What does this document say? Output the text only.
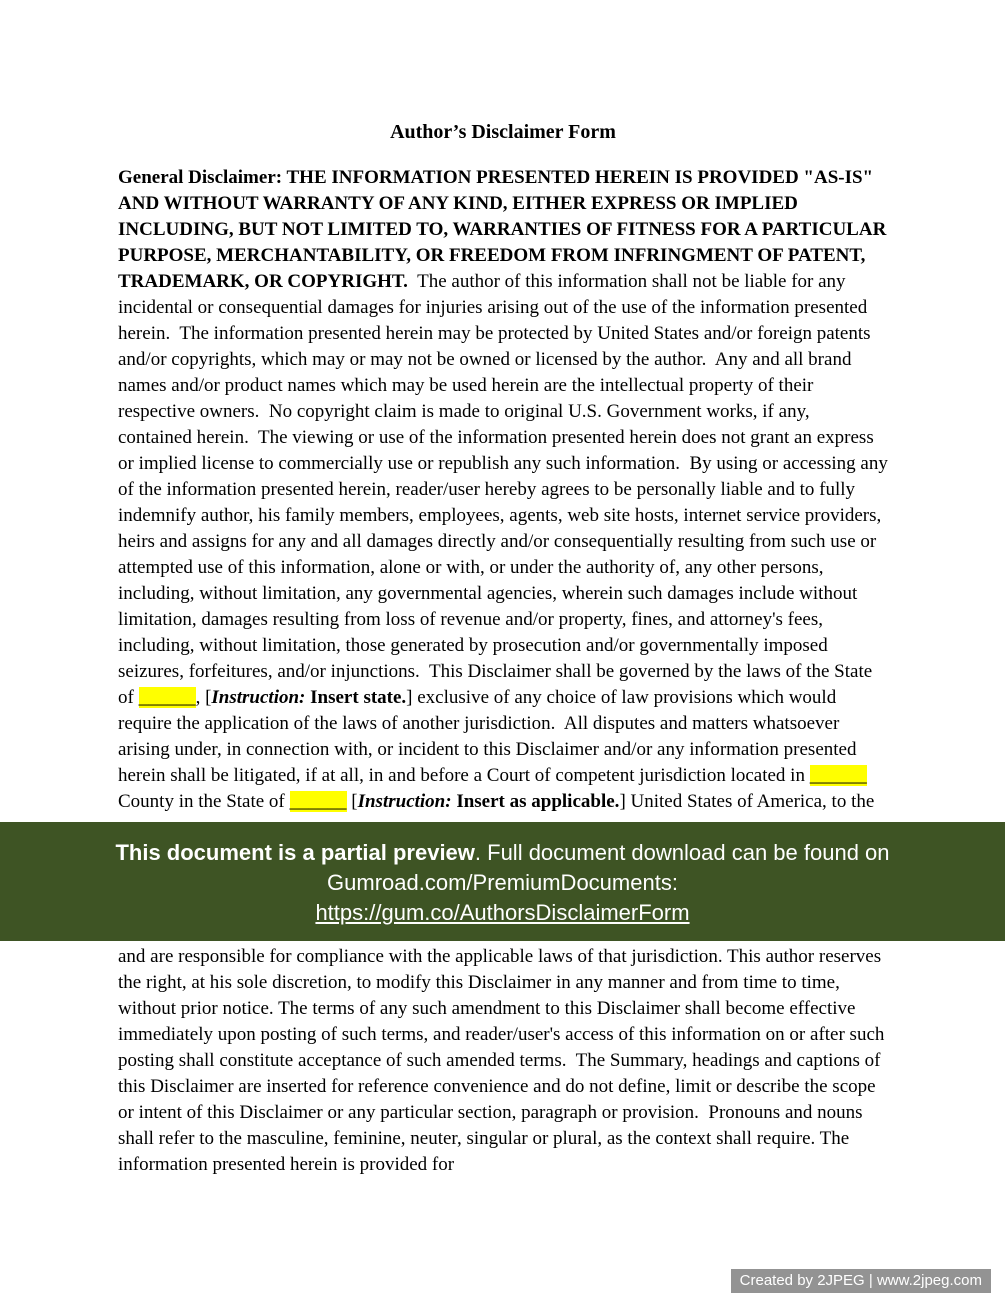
Author’s Disclaimer Form
General Disclaimer: THE INFORMATION PRESENTED HEREIN IS PROVIDED "AS-IS" AND WITHOUT WARRANTY OF ANY KIND, EITHER EXPRESS OR IMPLIED INCLUDING, BUT NOT LIMITED TO, WARRANTIES OF FITNESS FOR A PARTICULAR PURPOSE, MERCHANTABILITY, OR FREEDOM FROM INFRINGMENT OF PATENT, TRADEMARK, OR COPYRIGHT.  The author of this information shall not be liable for any incidental or consequential damages for injuries arising out of the use of the information presented herein.  The information presented herein may be protected by United States and/or foreign patents and/or copyrights, which may or may not be owned or licensed by the author.  Any and all brand names and/or product names which may be used herein are the intellectual property of their respective owners.  No copyright claim is made to original U.S. Government works, if any, contained herein.  The viewing or use of the information presented herein does not grant an express or implied license to commercially use or republish any such information.  By using or accessing any of the information presented herein, reader/user hereby agrees to be personally liable and to fully indemnify author, his family members, employees, agents, web site hosts, internet service providers, heirs and assigns for any and all damages directly and/or consequentially resulting from such use or attempted use of this information, alone or with, or under the authority of, any other persons, including, without limitation, any governmental agencies, wherein such damages include without limitation, damages resulting from loss of revenue and/or property, fines, and attorney's fees, including, without limitation, those generated by prosecution and/or governmentally imposed seizures, forfeitures, and/or injunctions.  This Disclaimer shall be governed by the laws of the State of ______, [Instruction: Insert state.] exclusive of any choice of law provisions which would require the application of the laws of another jurisdiction.  All disputes and matters whatsoever arising under, in connection with, or incident to this Disclaimer and/or any information presented herein shall be litigated, if at all, in and before a Court of competent jurisdiction located in ______ County in the State of ______ [Instruction: Insert as applicable.] United States of America, to the
This document is a partial preview. Full document download can be found on
Gumroad.com/PremiumDocuments:
https://gum.co/AuthorsDisclaimerForm
and are responsible for compliance with the applicable laws of that jurisdiction. This author reserves the right, at his sole discretion, to modify this Disclaimer in any manner and from time to time, without prior notice. The terms of any such amendment to this Disclaimer shall become effective immediately upon posting of such terms, and reader/user's access of this information on or after such posting shall constitute acceptance of such amended terms.  The Summary, headings and captions of this Disclaimer are inserted for reference convenience and do not define, limit or describe the scope or intent of this Disclaimer or any particular section, paragraph or provision.  Pronouns and nouns shall refer to the masculine, feminine, neuter, singular or plural, as the context shall require. The information presented herein is provided for
Created by 2JPEG | www.2jpeg.com
